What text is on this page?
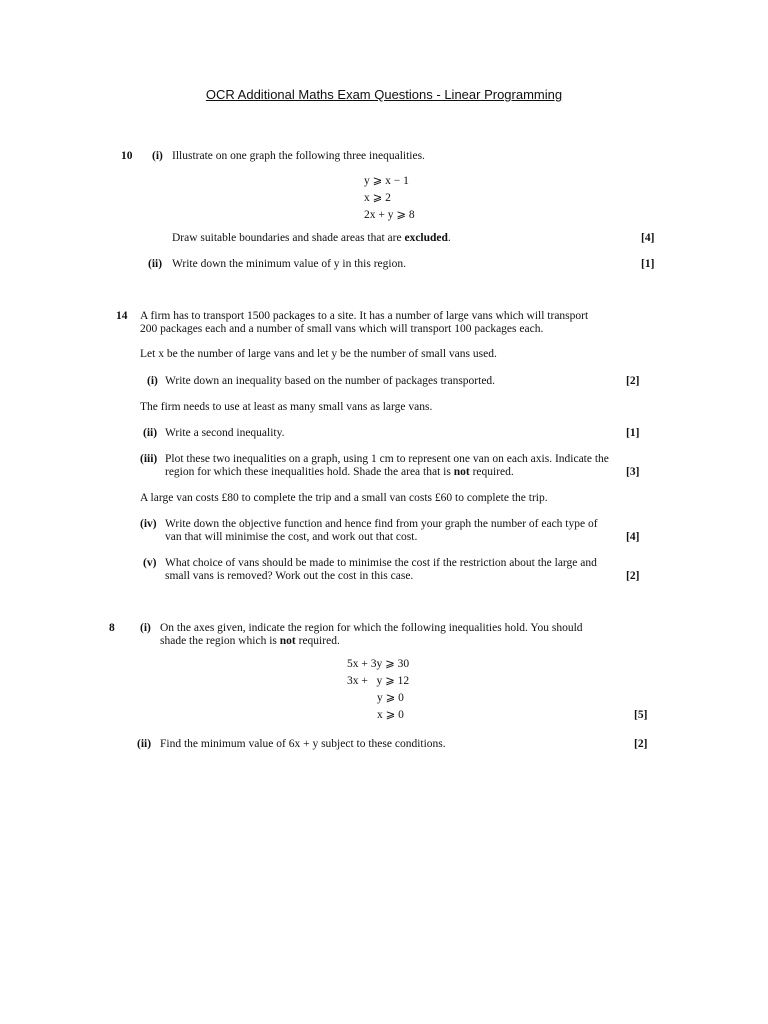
OCR Additional Maths Exam Questions - Linear Programming
10 (i) Illustrate on one graph the following three inequalities.
y ⩾ x − 1
x ⩾ 2
2x + y ⩾ 8
Draw suitable boundaries and shade areas that are excluded.	[4]
(ii) Write down the minimum value of y in this region.	[1]
14 A firm has to transport 1500 packages to a site. It has a number of large vans which will transport
200 packages each and a number of small vans which will transport 100 packages each.
Let x be the number of large vans and let y be the number of small vans used.
(i) Write down an inequality based on the number of packages transported.	[2]
The firm needs to use at least as many small vans as large vans.
(ii) Write a second inequality.	[1]
(iii) Plot these two inequalities on a graph, using 1 cm to represent one van on each axis. Indicate the
region for which these inequalities hold. Shade the area that is not required.	[3]
A large van costs £80 to complete the trip and a small van costs £60 to complete the trip.
(iv) Write down the objective function and hence find from your graph the number of each type of
van that will minimise the cost, and work out that cost.	[4]
(v) What choice of vans should be made to minimise the cost if the restriction about the large and
small vans is removed? Work out the cost in this case.	[2]
8 (i) On the axes given, indicate the region for which the following inequalities hold. You should
shade the region which is not required.
5x + 3y ⩾ 30
3x +   y ⩾ 12
y ⩾ 0
x ⩾ 0	[5]
(ii) Find the minimum value of 6x + y subject to these conditions.	[2]
